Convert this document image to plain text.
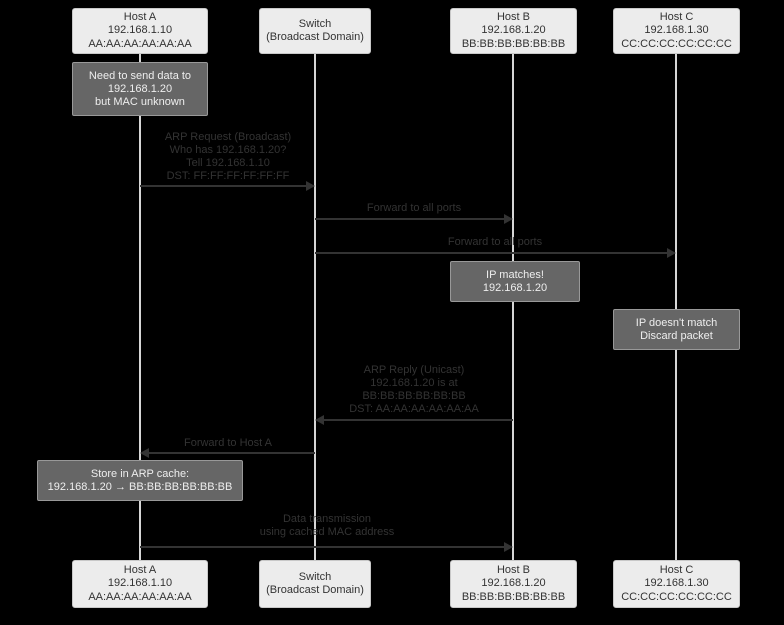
Host A
192.168.1.10
AA:AA:AA:AA:AA:AA
Switch
(Broadcast Domain)
Host B
192.168.1.20
BB:BB:BB:BB:BB:BB
Host C
192.168.1.30
CC:CC:CC:CC:CC:CC
Need to send data to
192.168.1.20
but MAC unknown
ARP Request (Broadcast)
Who has 192.168.1.20?
Tell 192.168.1.10
DST: FF:FF:FF:FF:FF:FF
Forward to all ports
Forward to all ports
IP matches!
192.168.1.20
IP doesn't match
Discard packet
ARP Reply (Unicast)
192.168.1.20 is at
BB:BB:BB:BB:BB:BB
DST: AA:AA:AA:AA:AA:AA
Forward to Host A
Store in ARP cache:
192.168.1.20 → BB:BB:BB:BB:BB:BB
Data transmission
using cached MAC address
Host A
192.168.1.10
AA:AA:AA:AA:AA:AA
Switch
(Broadcast Domain)
Host B
192.168.1.20
BB:BB:BB:BB:BB:BB
Host C
192.168.1.30
CC:CC:CC:CC:CC:CC
